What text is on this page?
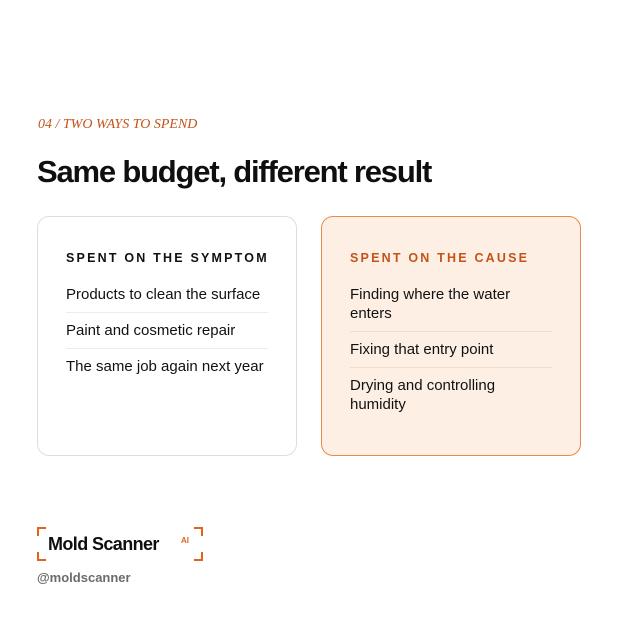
04 / TWO WAYS TO SPEND
Same budget, different result
SPENT ON THE SYMPTOM
Products to clean the surface
Paint and cosmetic repair
The same job again next year
SPENT ON THE CAUSE
Finding where the water enters
Fixing that entry point
Drying and controlling humidity
Mold Scanner	AI
@moldscanner
